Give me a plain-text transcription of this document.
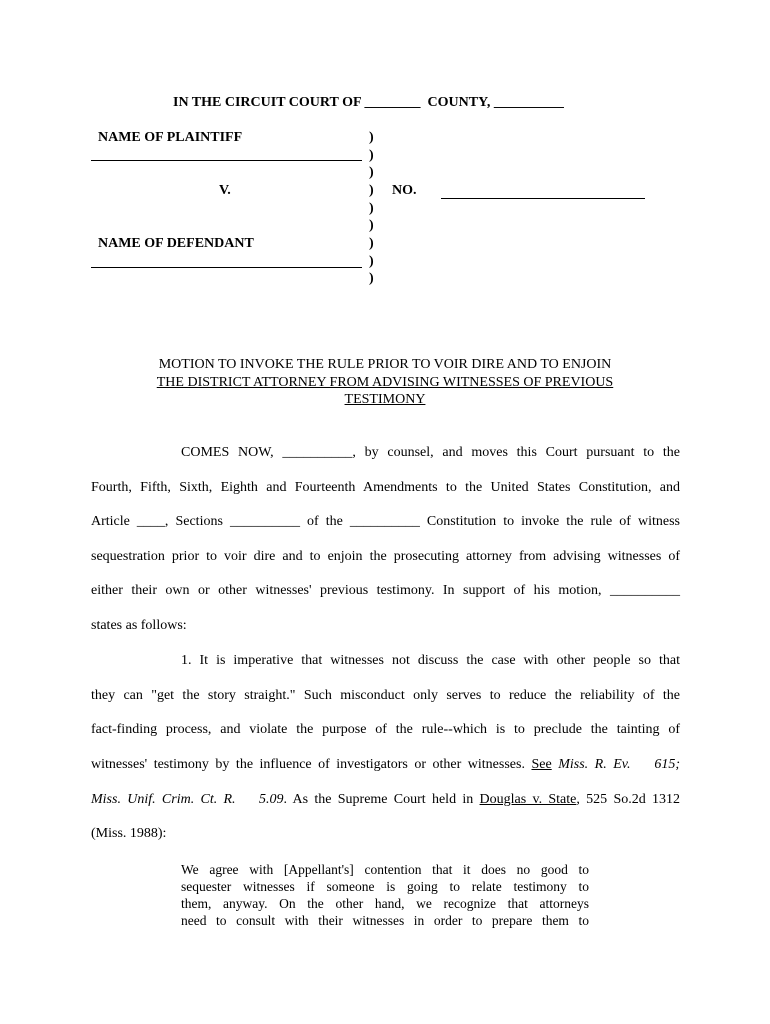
IN THE CIRCUIT COURT OF ________  COUNTY, __________
NAME OF PLAINTIFF
V.
NAME OF DEFENDANT
)
)
)
)
)
)
)
)
)
NO.
MOTION TO INVOKE THE RULE PRIOR TO VOIR DIRE AND TO ENJOIN
THE DISTRICT ATTORNEY FROM ADVISING WITNESSES OF PREVIOUS
TESTIMONY
COMES NOW, __________, by counsel, and moves this Court pursuant to the
Fourth, Fifth, Sixth, Eighth and Fourteenth Amendments to the United States Constitution, and
Article ____, Sections __________ of the __________ Constitution to invoke the rule of witness
sequestration prior to voir dire and to enjoin the prosecuting attorney from advising witnesses of
either their own or other witnesses' previous testimony. In support of his motion, __________
states as follows:
1. It is imperative that witnesses not discuss the case with other people so that
they can "get the story straight." Such misconduct only serves to reduce the reliability of the
fact-finding process, and violate the purpose of the rule--which is to preclude the tainting of
witnesses' testimony by the influence of investigators or other witnesses. See Miss. R. Ev.   615;
Miss. Unif. Crim. Ct. R.   5.09. As the Supreme Court held in Douglas v. State, 525 So.2d 1312
(Miss. 1988):
We agree with [Appellant's] contention that it does no good to
sequester witnesses if someone is going to relate testimony to
them, anyway. On the other hand, we recognize that attorneys
need to consult with their witnesses in order to prepare them to
